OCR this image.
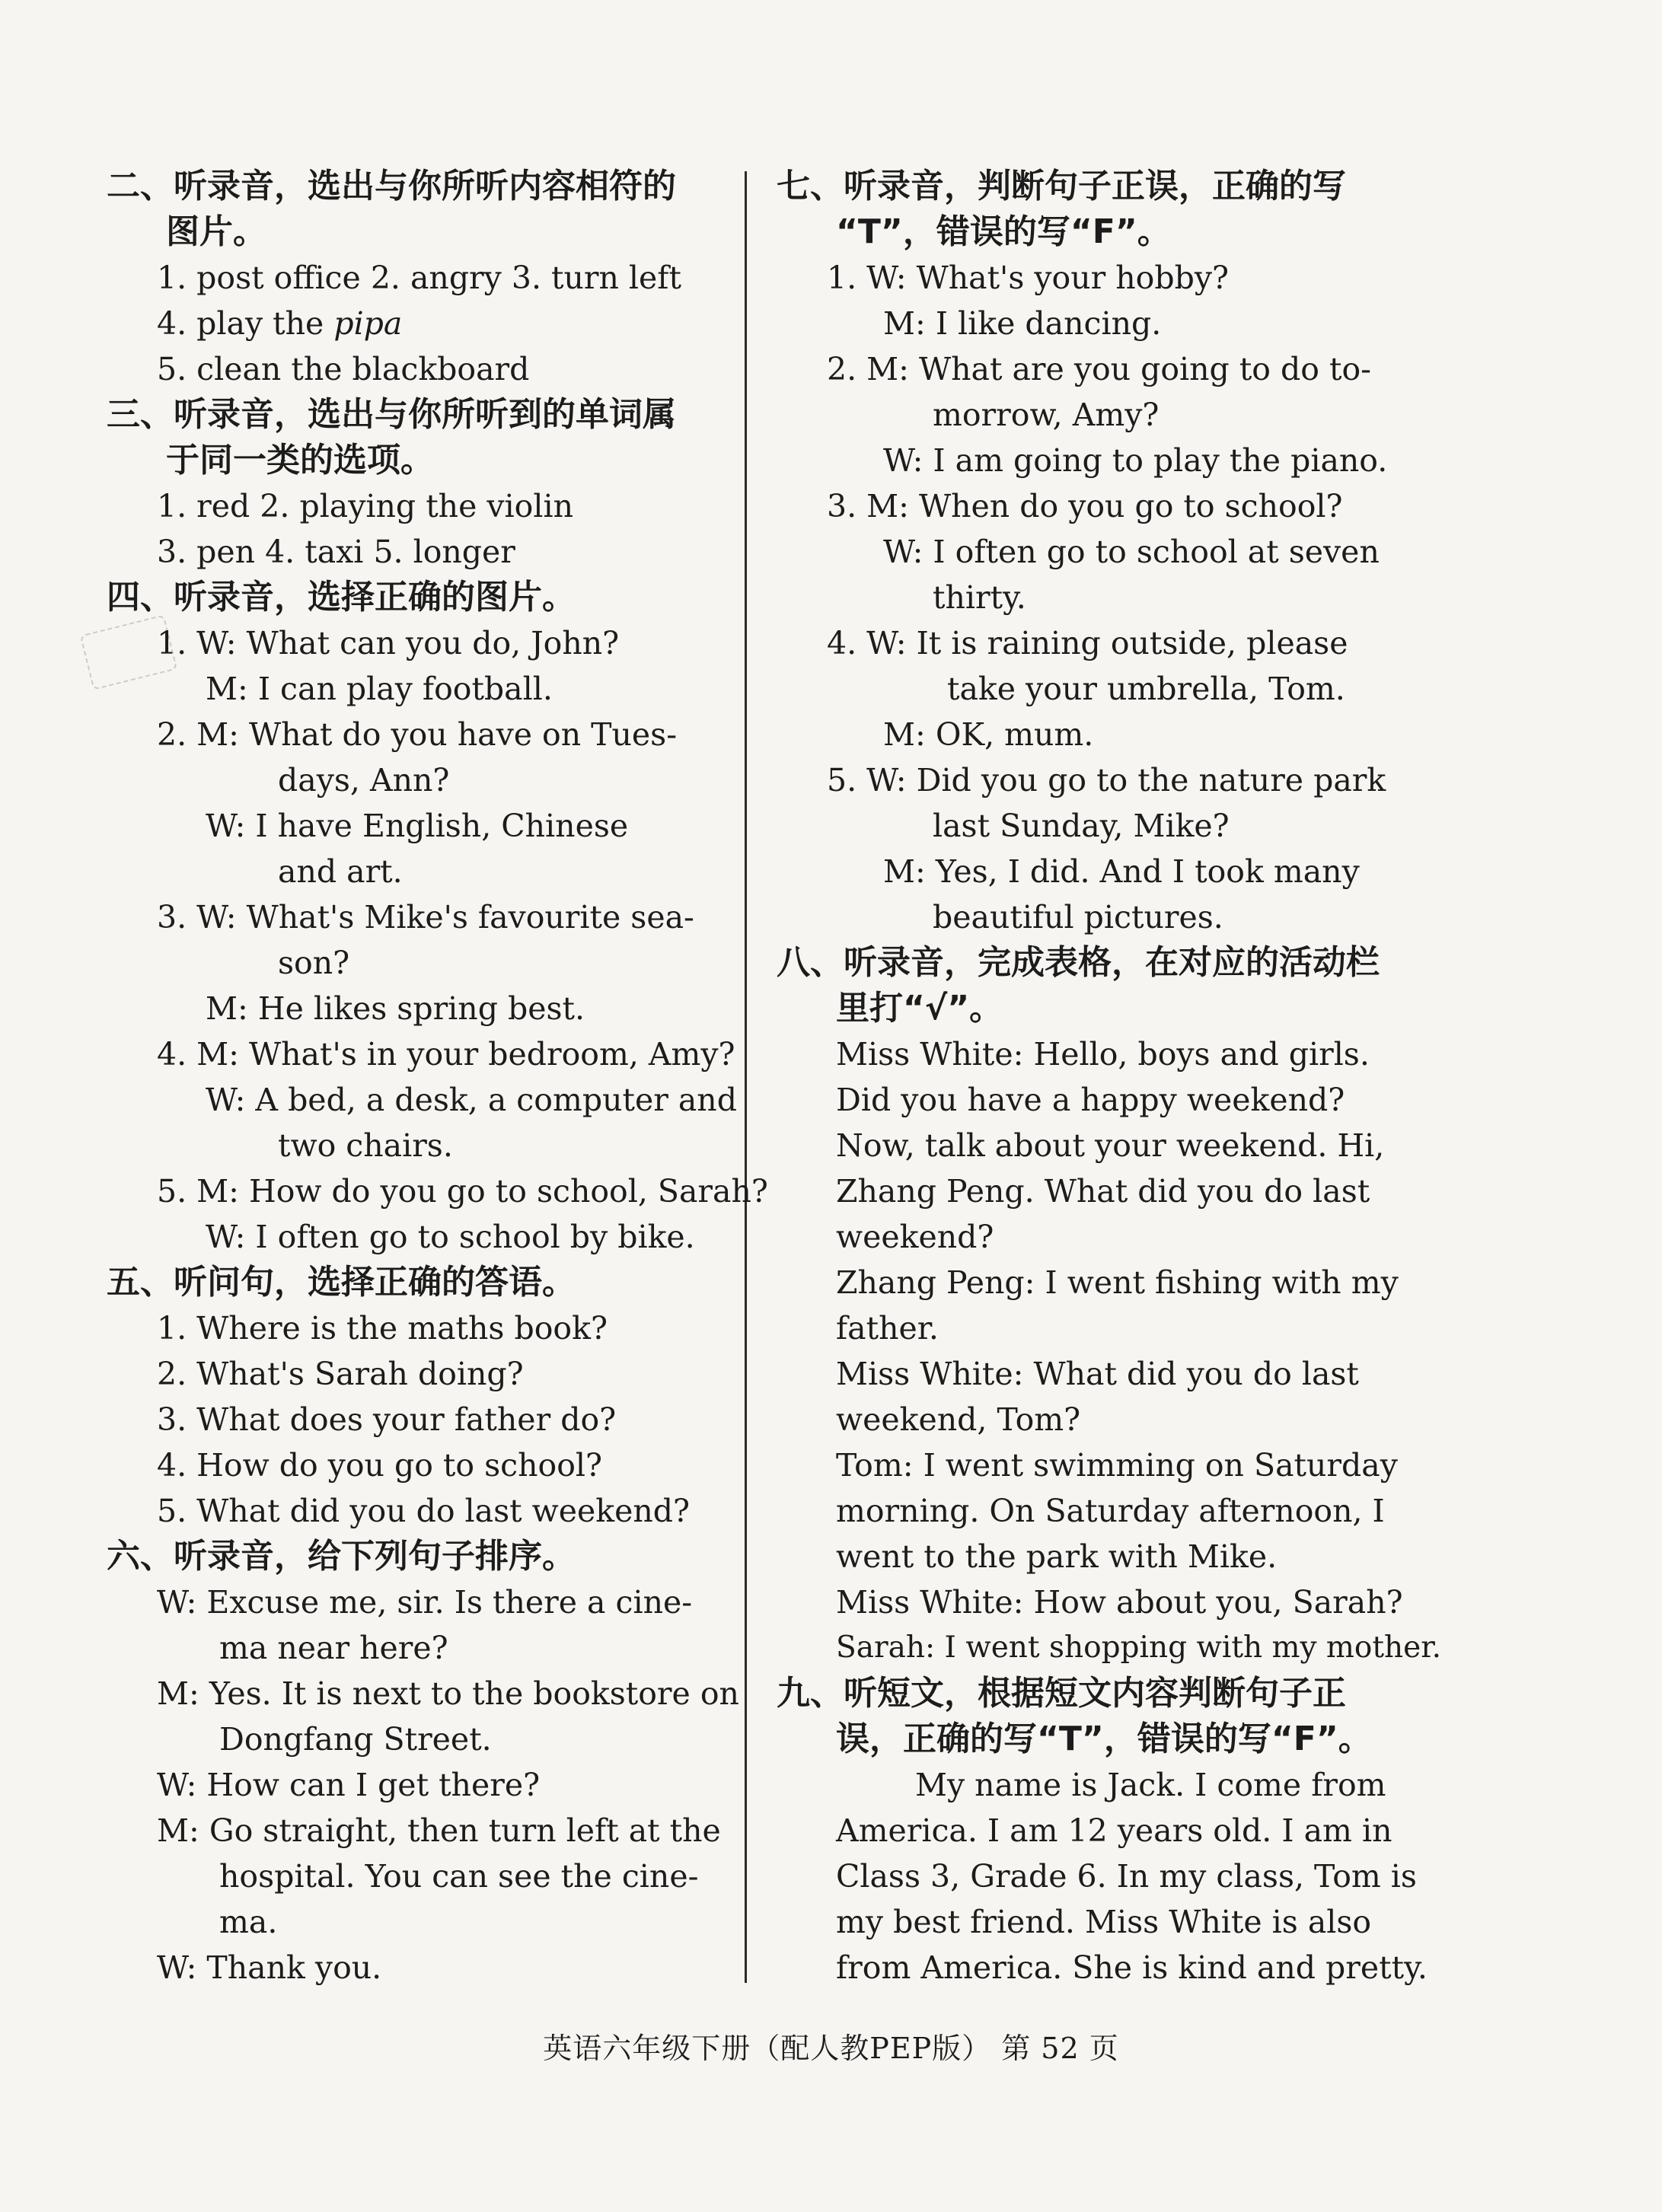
二、听录音，选出与你所听内容相符的
图片。
1. post office 2. angry 3. turn left
4. play the pipa
5. clean the blackboard
三、听录音，选出与你所听到的单词属
于同一类的选项。
1. red 2. playing the violin
3. pen 4. taxi 5. longer
四、听录音，选择正确的图片。
1. W: What can you do, John?
M: I can play football.
2. M: What do you have on Tues-
days, Ann?
W: I have English, Chinese
and art.
3. W: What's Mike's favourite sea-
son?
M: He likes spring best.
4. M: What's in your bedroom, Amy?
W: A bed, a desk, a computer and
two chairs.
5. M: How do you go to school, Sarah?
W: I often go to school by bike.
五、听问句，选择正确的答语。
1. Where is the maths book?
2. What's Sarah doing?
3. What does your father do?
4. How do you go to school?
5. What did you do last weekend?
六、听录音，给下列句子排序。
W: Excuse me, sir. Is there a cine-
ma near here?
M: Yes. It is next to the bookstore on
Dongfang Street.
W: How can I get there?
M: Go straight, then turn left at the
hospital. You can see the cine-
ma.
W: Thank you.
七、听录音，判断句子正误，正确的写
“T”，错误的写“F”。
1. W: What's your hobby?
M: I like dancing.
2. M: What are you going to do to-
morrow, Amy?
W: I am going to play the piano.
3. M: When do you go to school?
W: I often go to school at seven
thirty.
4. W: It is raining outside, please
take your umbrella, Tom.
M: OK, mum.
5. W: Did you go to the nature park
last Sunday, Mike?
M: Yes, I did. And I took many
beautiful pictures.
八、听录音，完成表格，在对应的活动栏
里打“√”。
Miss White: Hello, boys and girls.
Did you have a happy weekend?
Now, talk about your weekend. Hi,
Zhang Peng. What did you do last
weekend?
Zhang Peng: I went fishing with my
father.
Miss White: What did you do last
weekend, Tom?
Tom: I went swimming on Saturday
morning. On Saturday afternoon, I
went to the park with Mike.
Miss White: How about you, Sarah?
Sarah: I went shopping with my mother.
九、听短文，根据短文内容判断句子正
误，正确的写“T”，错误的写“F”。
My name is Jack. I come from
America. I am 12 years old. I am in
Class 3, Grade 6. In my class, Tom is
my best friend. Miss White is also
from America. She is kind and pretty.
英语六年级下册（配人教PEP版） 第 52 页
